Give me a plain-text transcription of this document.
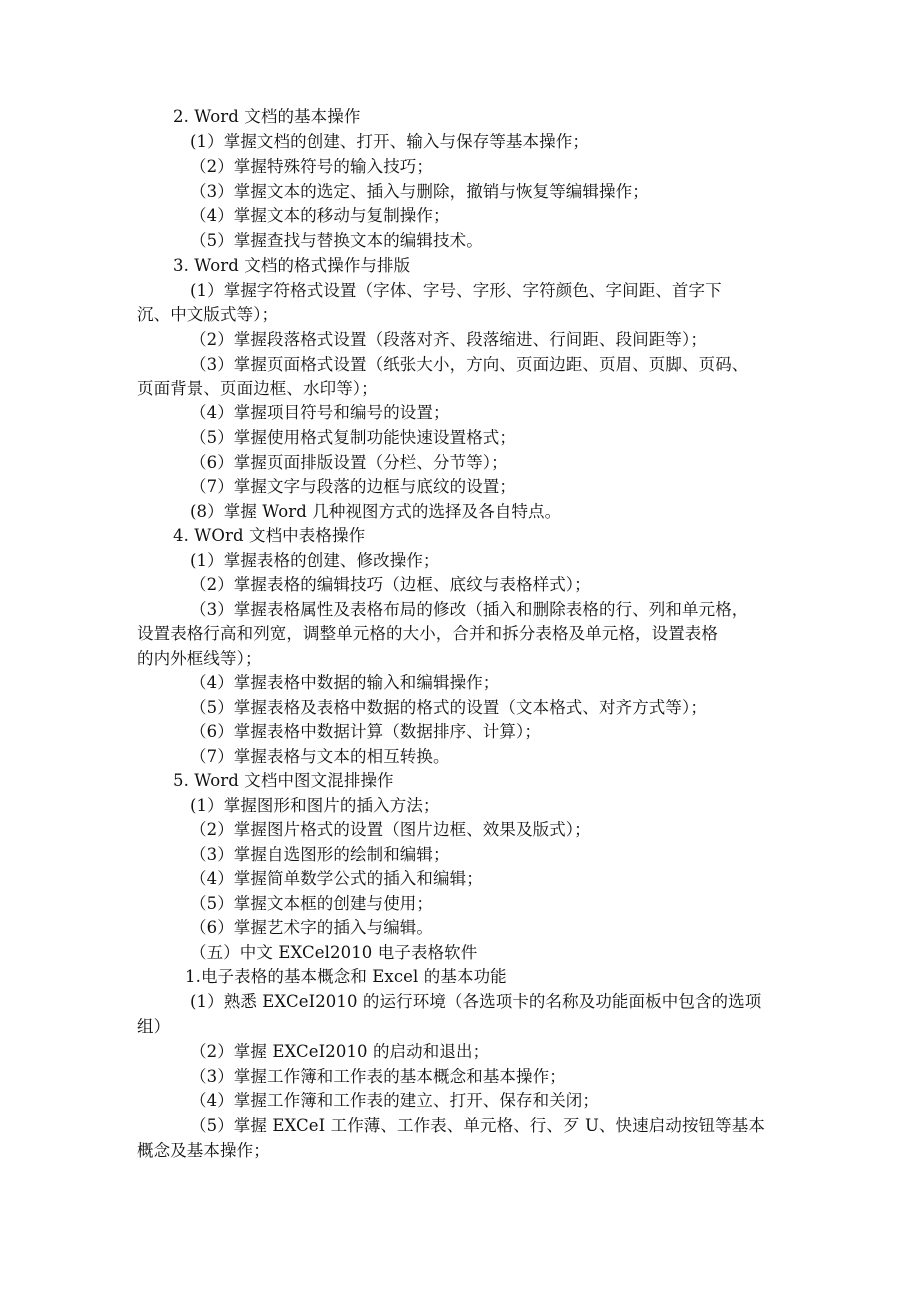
2. Word 文档的基本操作
(1）掌握文档的创建、打开、输入与保存等基本操作；
（2）掌握特殊符号的输入技巧；
（3）掌握文本的选定、插入与删除，撤销与恢复等编辑操作；
（4）掌握文本的移动与复制操作；
（5）掌握查找与替换文本的编辑技术。
3. Word 文档的格式操作与排版
(1）掌握字符格式设置（字体、字号、字形、字符颜色、字间距、首字下
沉、中文版式等）；
（2）掌握段落格式设置（段落对齐、段落缩进、行间距、段间距等）；
（3）掌握页面格式设置（纸张大小，方向、页面边距、页眉、页脚、页码、
页面背景、页面边框、水印等）；
（4）掌握项目符号和编号的设置；
（5）掌握使用格式复制功能快速设置格式；
（6）掌握页面排版设置（分栏、分节等）；
（7）掌握文字与段落的边框与底纹的设置；
(8）掌握 Word 几种视图方式的选择及各自特点。
4. WOrd 文档中表格操作
(1）掌握表格的创建、修改操作；
（2）掌握表格的编辑技巧（边框、底纹与表格样式）；
（3）掌握表格属性及表格布局的修改（插入和删除表格的行、列和单元格，
设置表格行高和列宽，调整单元格的大小，合并和拆分表格及单元格，设置表格
的内外框线等）；
（4）掌握表格中数据的输入和编辑操作；
（5）掌握表格及表格中数据的格式的设置（文本格式、对齐方式等）；
（6）掌握表格中数据计算（数据排序、计算）；
（7）掌握表格与文本的相互转换。
5. Word 文档中图文混排操作
(1）掌握图形和图片的插入方法；
（2）掌握图片格式的设置（图片边框、效果及版式）；
（3）掌握自选图形的绘制和编辑；
（4）掌握简单数学公式的插入和编辑；
（5）掌握文本框的创建与使用；
（6）掌握艺术字的插入与编辑。
（五）中文 EXCel2010 电子表格软件
1.电子表格的基本概念和 Excel 的基本功能
(1）熟悉 EXCeI2010 的运行环境（各选项卡的名称及功能面板中包含的选项
组）
（2）掌握 EXCeI2010 的启动和退出；
（3）掌握工作簿和工作表的基本概念和基本操作；
（4）掌握工作簿和工作表的建立、打开、保存和关闭；
（5）掌握 EXCeI 工作薄、工作表、单元格、行、歹 U、快速启动按钮等基本
概念及基本操作；
